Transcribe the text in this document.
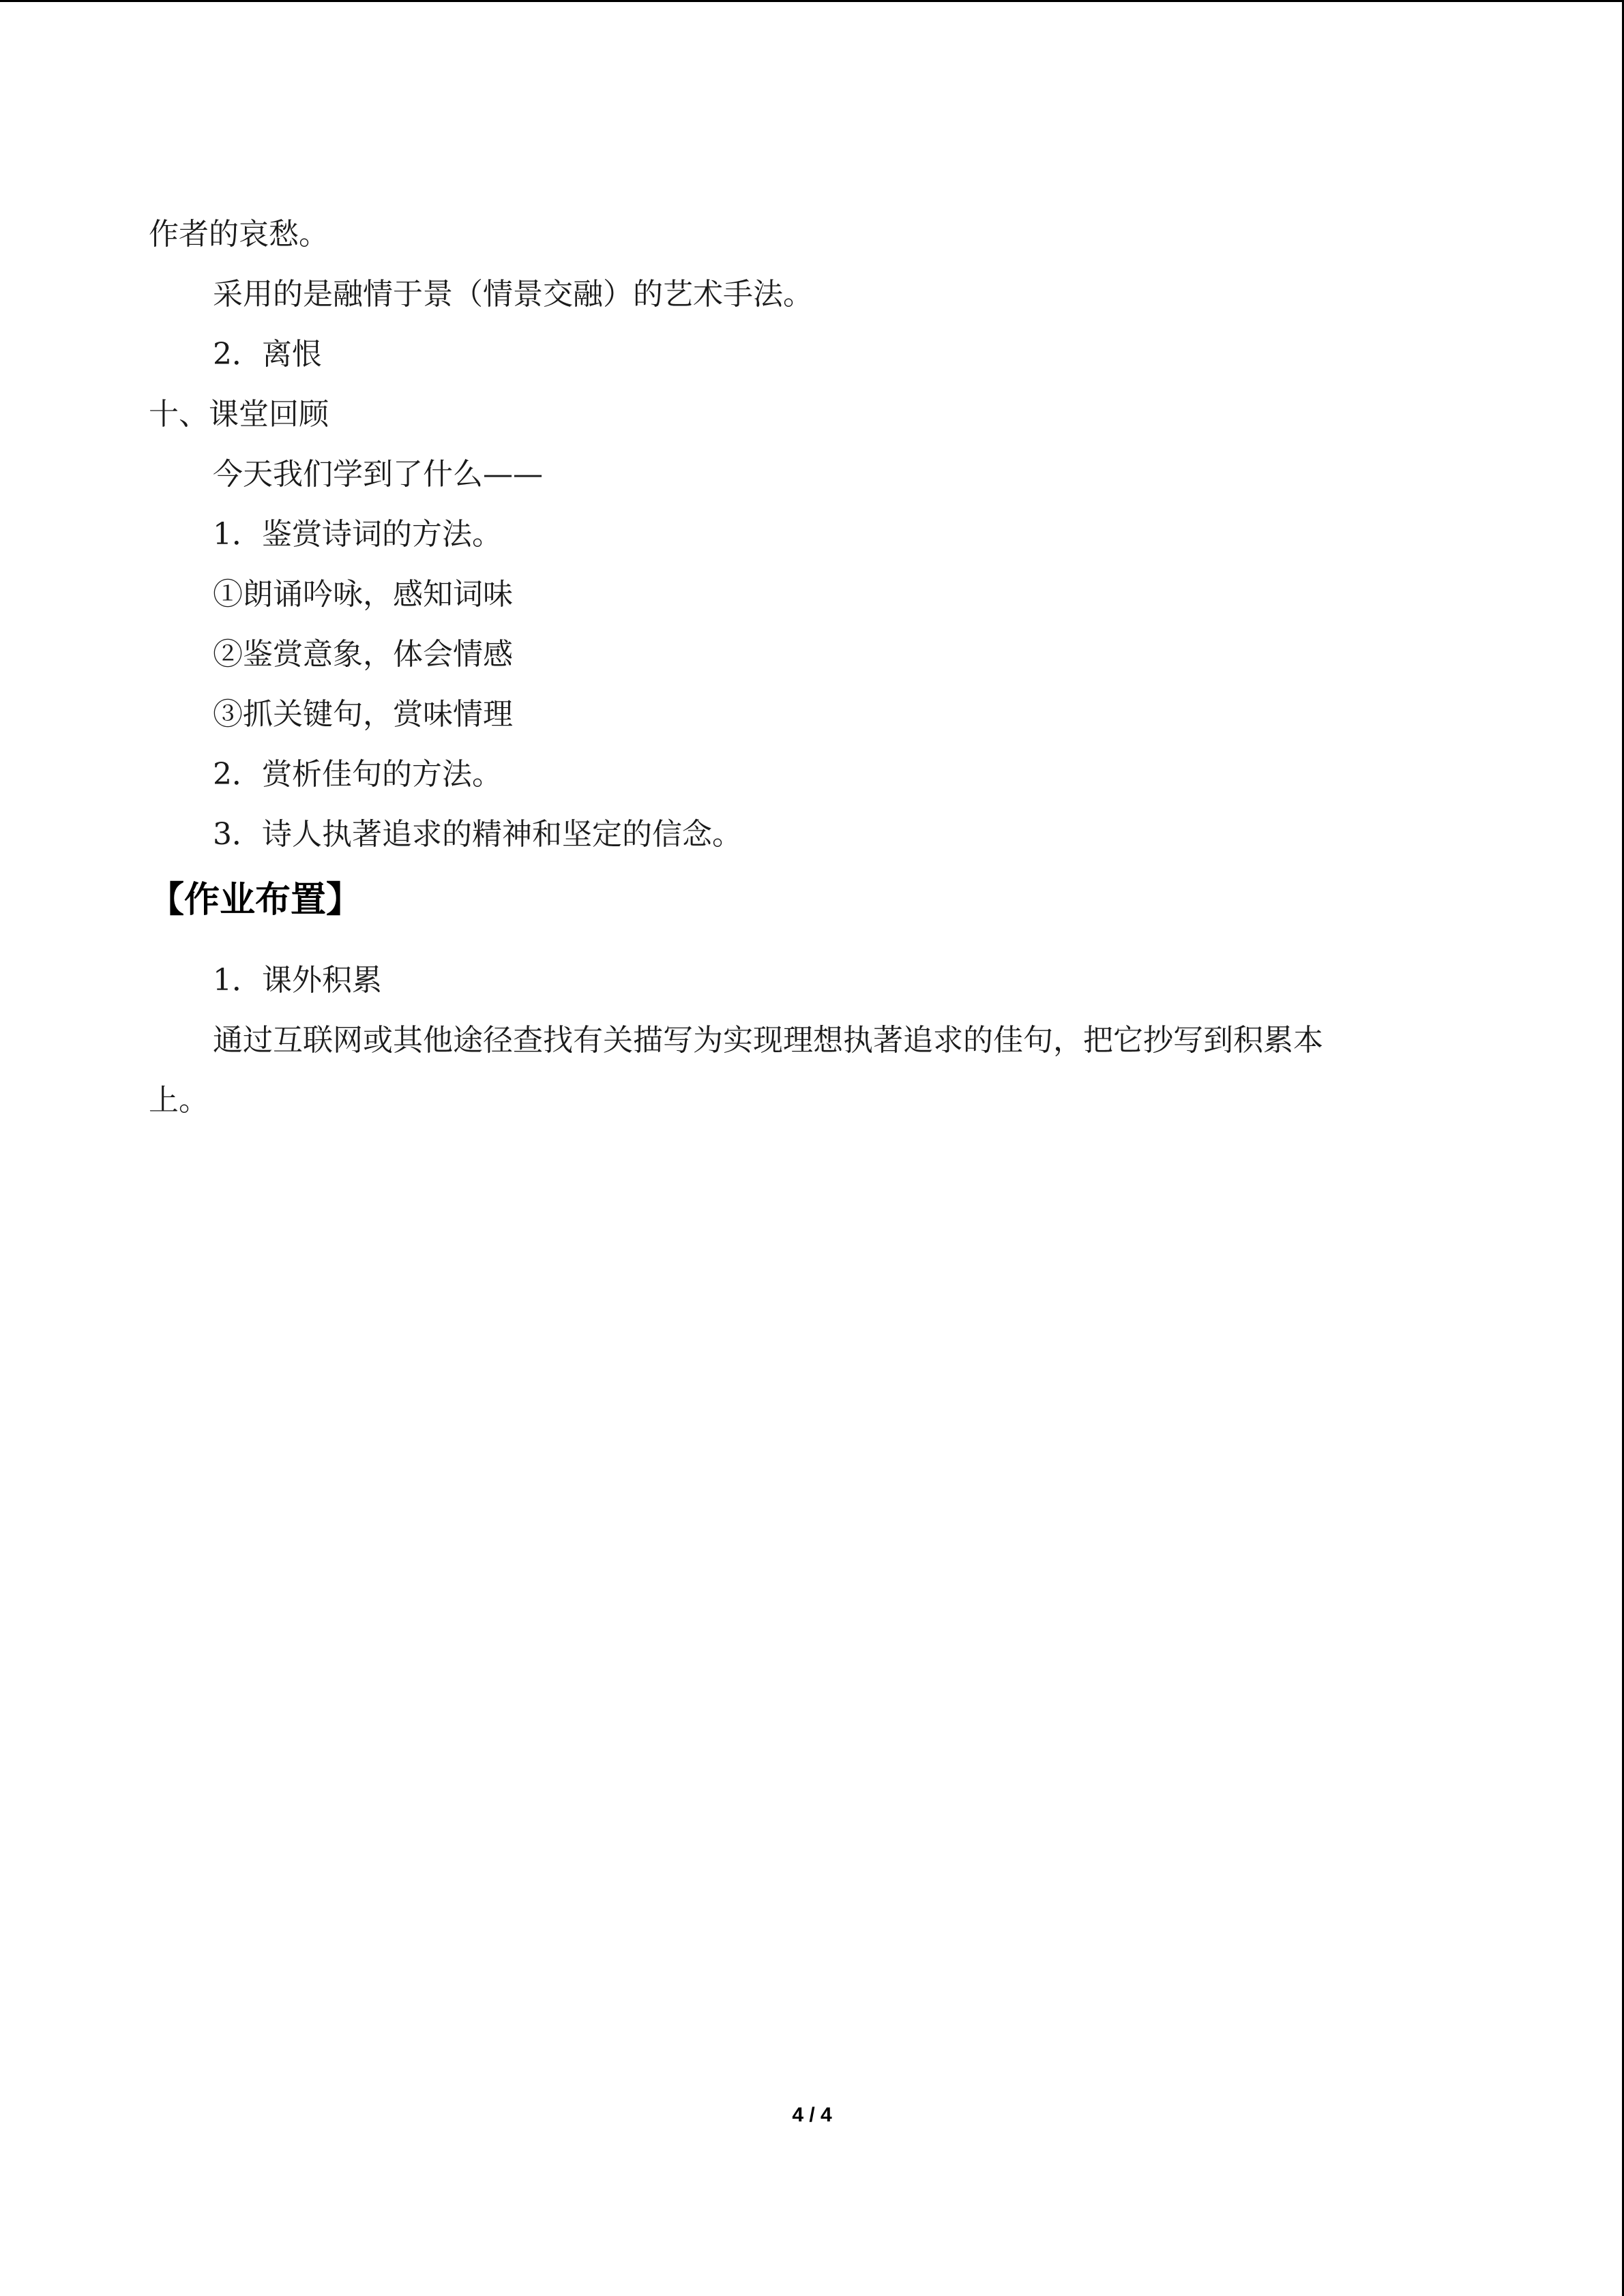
作者的哀愁。

采用的是融情于景（情景交融）的艺术手法。

2．离恨

十、课堂回顾

今天我们学到了什么——

1．鉴赏诗词的方法。

①朗诵吟咏，感知词味

②鉴赏意象，体会情感

③抓关键句，赏味情理

2．赏析佳句的方法。

3．诗人执著追求的精神和坚定的信念。

【作业布置】

1．课外积累

通过互联网或其他途径查找有关描写为实现理想执著追求的佳句，把它抄写到积累本

上。

4 / 4
